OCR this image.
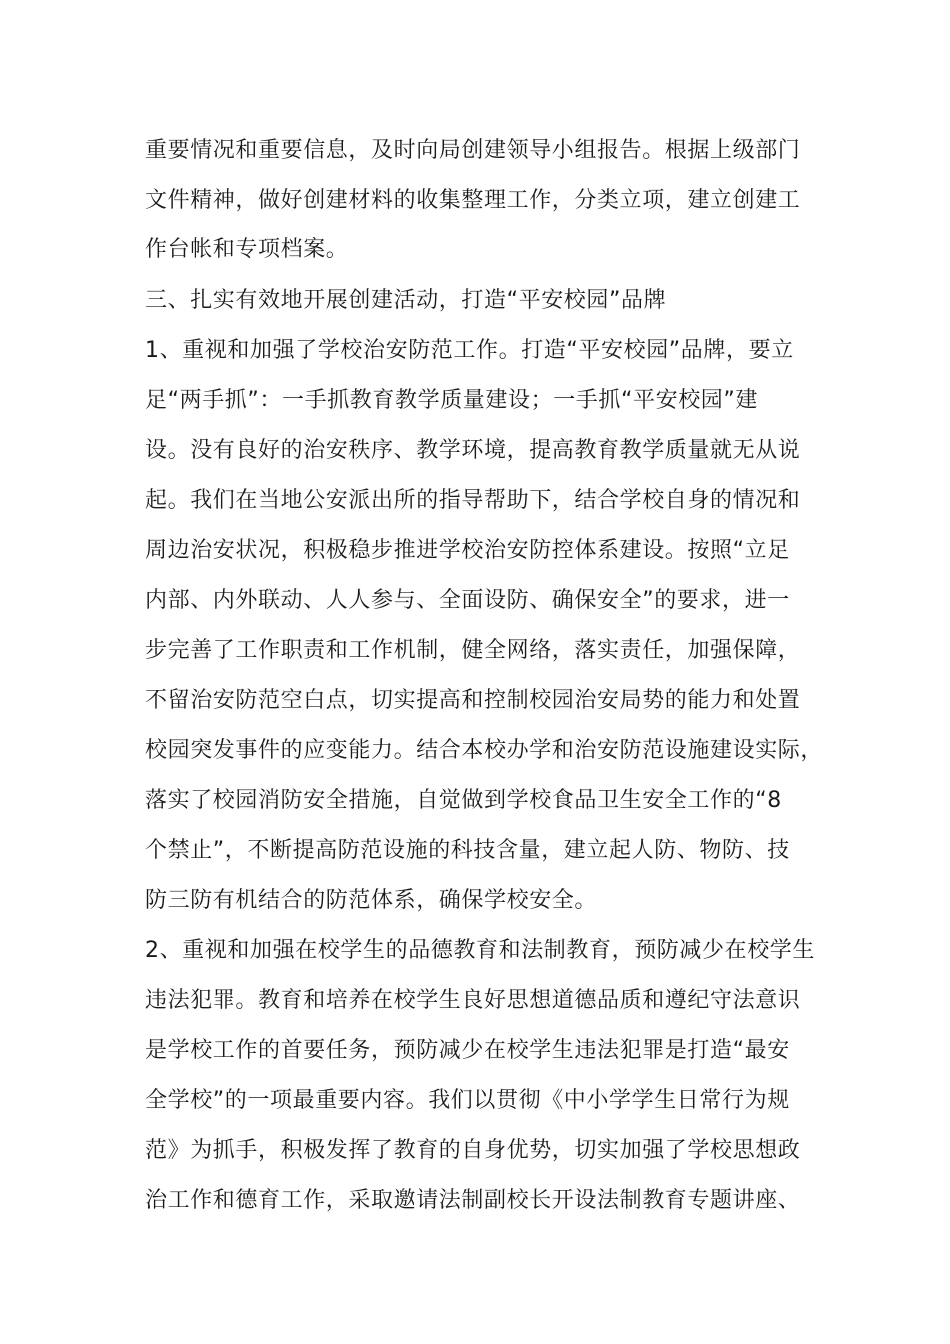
重要情况和重要信息，及时向局创建领导小组报告。根据上级部门
文件精神，做好创建材料的收集整理工作，分类立项，建立创建工
作台帐和专项档案。
三、扎实有效地开展创建活动，打造“平安校园”品牌
1、重视和加强了学校治安防范工作。打造“平安校园”品牌，要立
足“两手抓”：一手抓教育教学质量建设；一手抓“平安校园”建
设。没有良好的治安秩序、教学环境，提高教育教学质量就无从说
起。我们在当地公安派出所的指导帮助下，结合学校自身的情况和
周边治安状况，积极稳步推进学校治安防控体系建设。按照“立足
内部、内外联动、人人参与、全面设防、确保安全”的要求，进一
步完善了工作职责和工作机制，健全网络，落实责任，加强保障，
不留治安防范空白点，切实提高和控制校园治安局势的能力和处置
校园突发事件的应变能力。结合本校办学和治安防范设施建设实际，
落实了校园消防安全措施，自觉做到学校食品卫生安全工作的“8
个禁止”，不断提高防范设施的科技含量，建立起人防、物防、技
防三防有机结合的防范体系，确保学校安全。
2、重视和加强在校学生的品德教育和法制教育，预防减少在校学生
违法犯罪。教育和培养在校学生良好思想道德品质和遵纪守法意识
是学校工作的首要任务，预防减少在校学生违法犯罪是打造“最安
全学校”的一项最重要内容。我们以贯彻《中小学学生日常行为规
范》为抓手，积极发挥了教育的自身优势，切实加强了学校思想政
治工作和德育工作，采取邀请法制副校长开设法制教育专题讲座、
